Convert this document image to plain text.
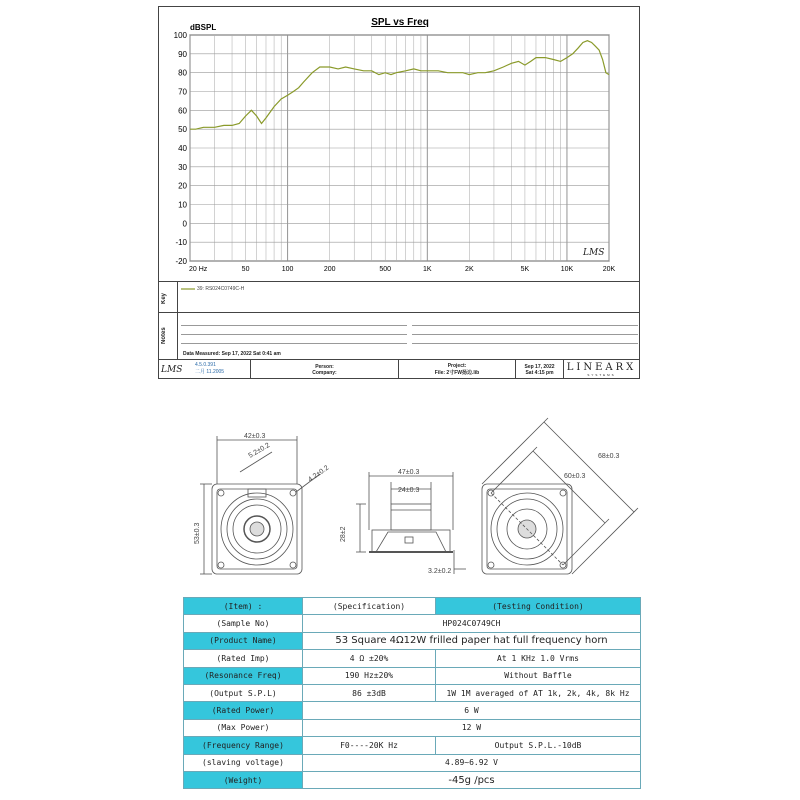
SPL vs Freq
dBSPL
100
90
80
70
60
50
40
30
20
10
0
-10
-20
20 Hz	50	100	200	500	1K	2K	5K	10K	20K
LMS
Key
39: RS024C0749C-H
Notes
Data Measured: Sep 17, 2022 Sat 0:41 am
LMS	4.5.0.391
二月 11.2005
Person:
Company:
Project:
File: 2寸FW扬边.lib
Sep 17, 2022
Sat 4:15 pm	LINEARX
SYSTEMS
42±0.3
5.2±0.2
4.2±0.2
53±0.3
47±0.3
24±0.3
28±2
3.2±0.2
68±0.3
60±0.3
(Item) :	(Specification)	(Testing Condition)
(Sample No)	HP024C0749CH	
(Product Name)	53 Square 4Ω12W frilled paper hat full frequency horn	
(Rated Imp)	4 Ω ±20%	At 1 KHz 1.0 Vrms
(Resonance Freq)	190 Hz±20%	Without Baffle
(Output S.P.L)	86 ±3dB	1W 1M averaged of AT 1k, 2k, 4k, 8k Hz
(Rated Power)	6 W	
(Max Power)	12 W	
(Frequency Range)	F0----20K Hz	Output S.P.L.-10dB
(slaving voltage)	4.89~6.92 V	
(Weight)	-45g /pcs	
